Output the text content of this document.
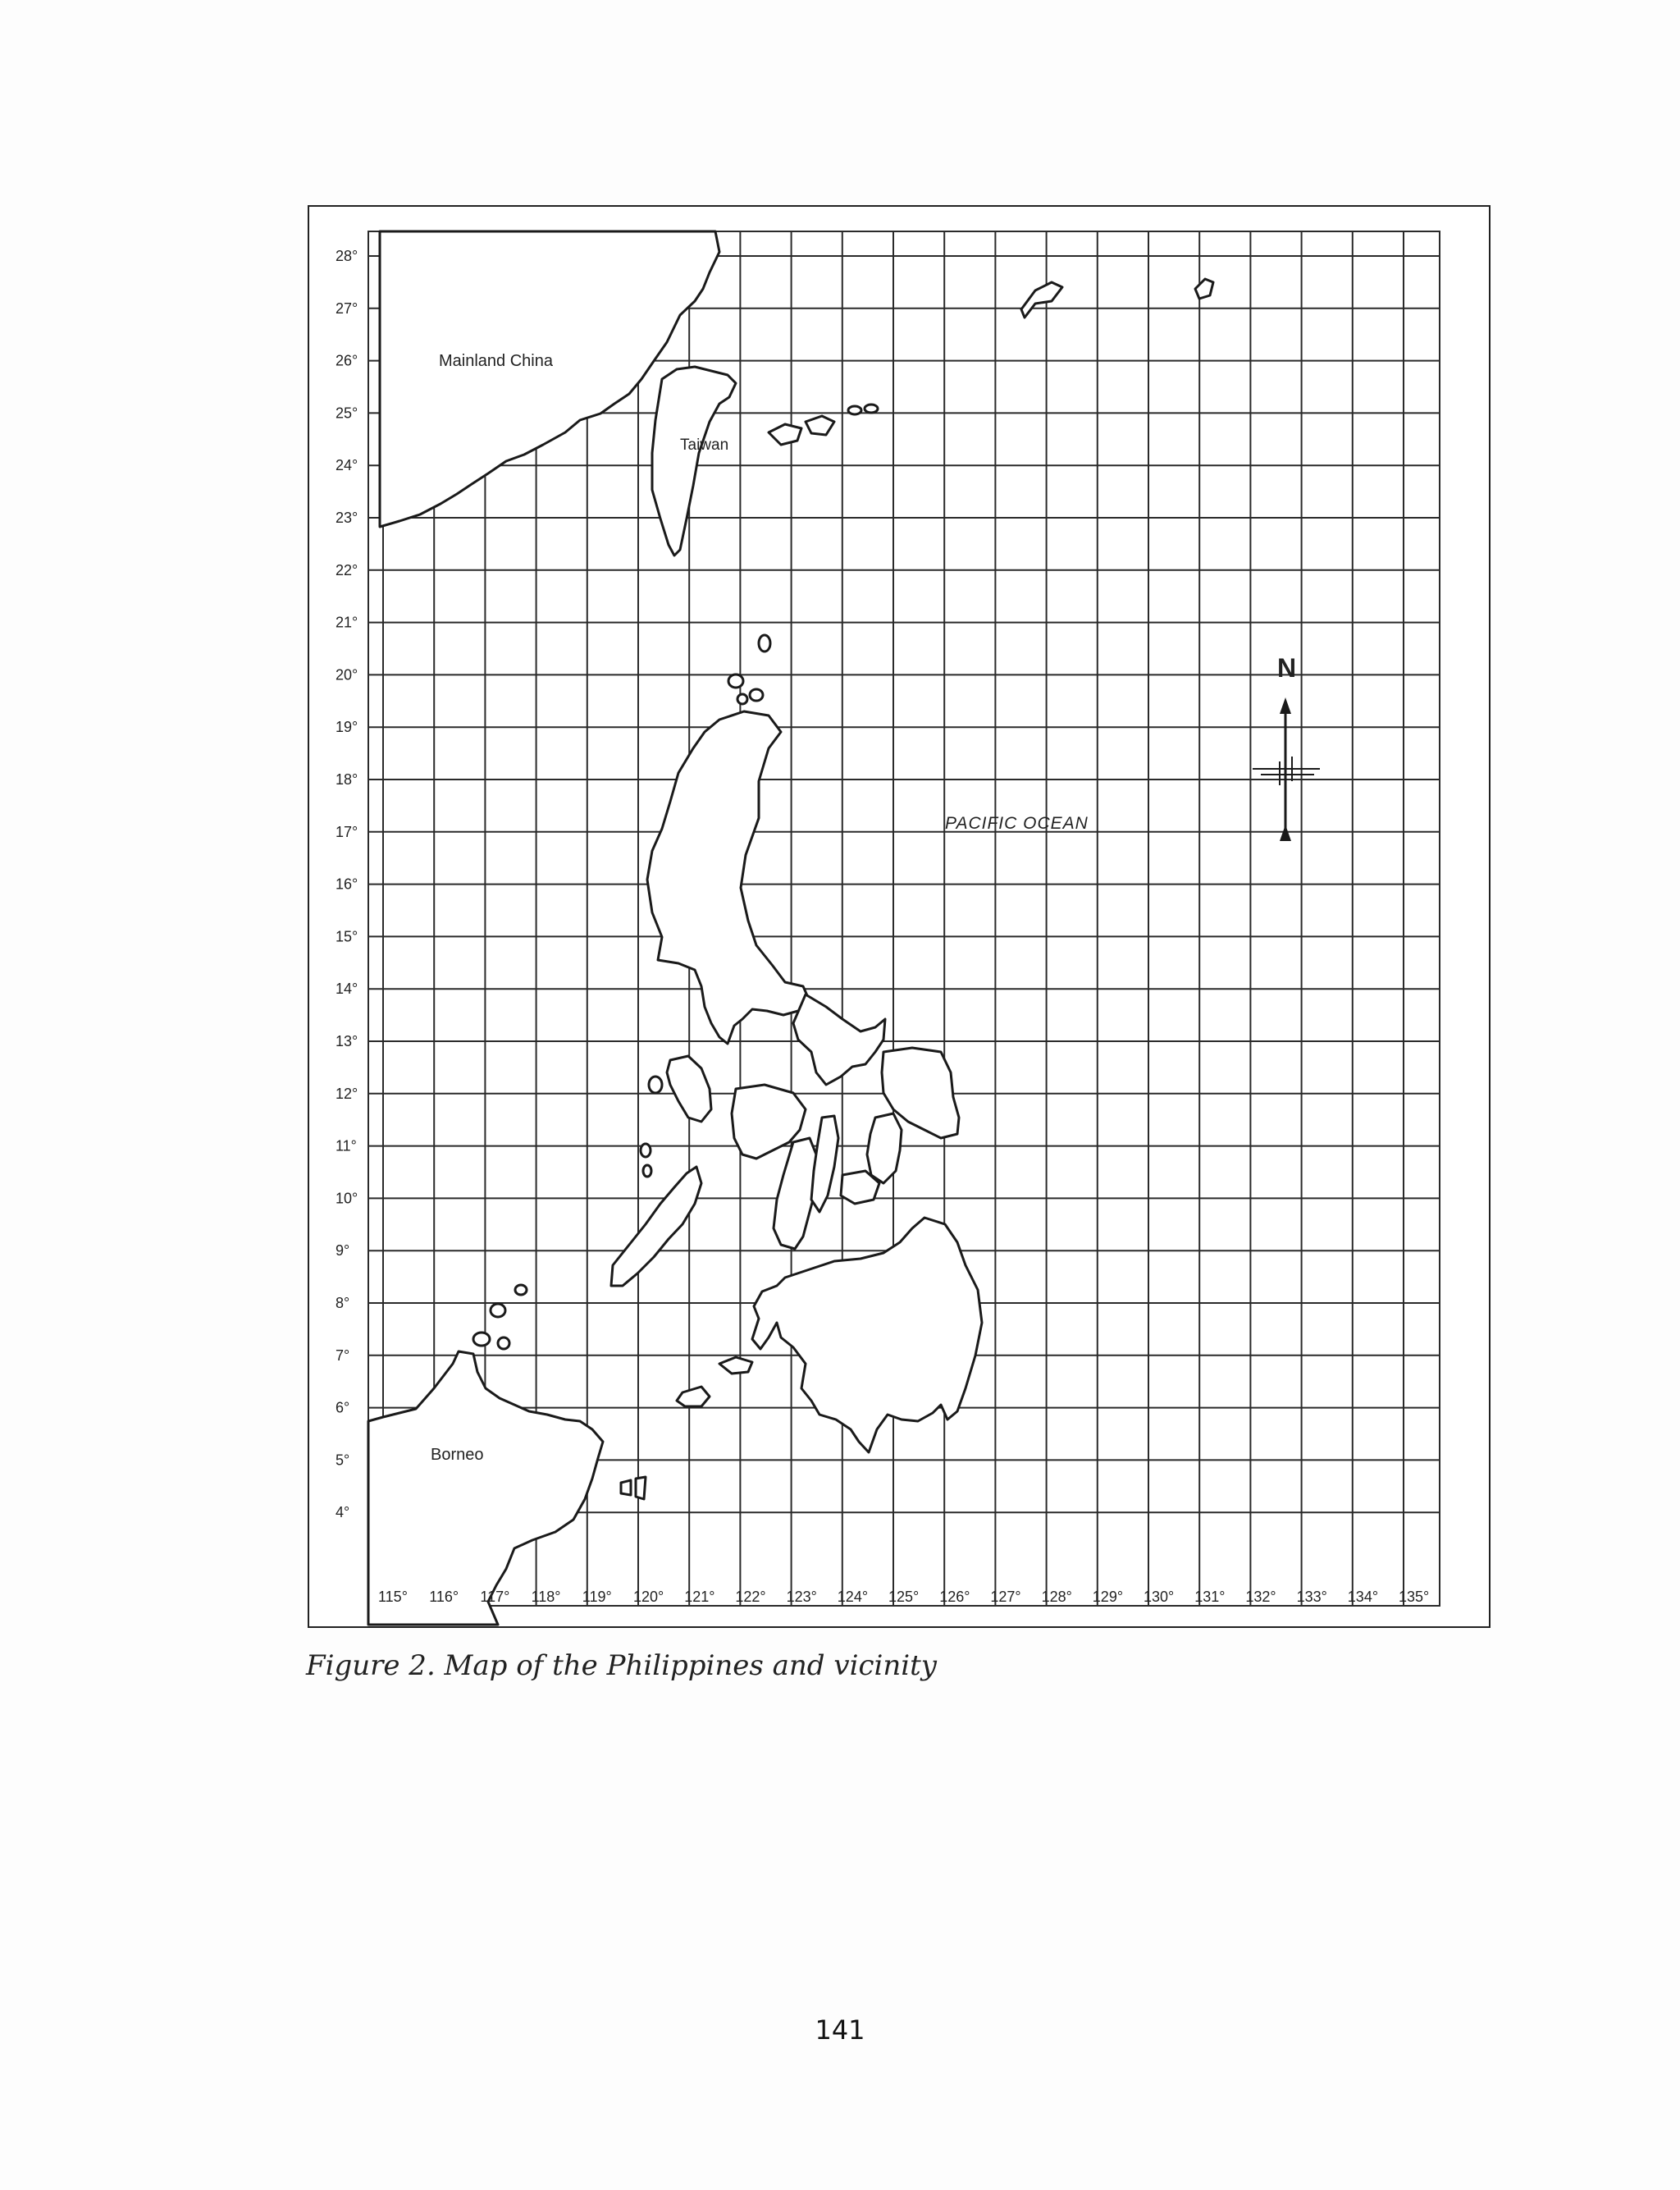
28°
27°
26°
25°
24°
23°
22°
21°
20°
19°
18°
17°
16°
15°
14°
13°
12°
11°
10°
9°
8°
7°
6°
5°
4°
115° 116° 117° 118° 119° 120° 121° 122° 123° 124° 125° 126° 127° 128° 129° 130° 131° 132° 133° 134° 135°
Mainland China
Taiwan
PACIFIC OCEAN
Borneo
N
Figure 2. Map of the Philippines and vicinity
141
